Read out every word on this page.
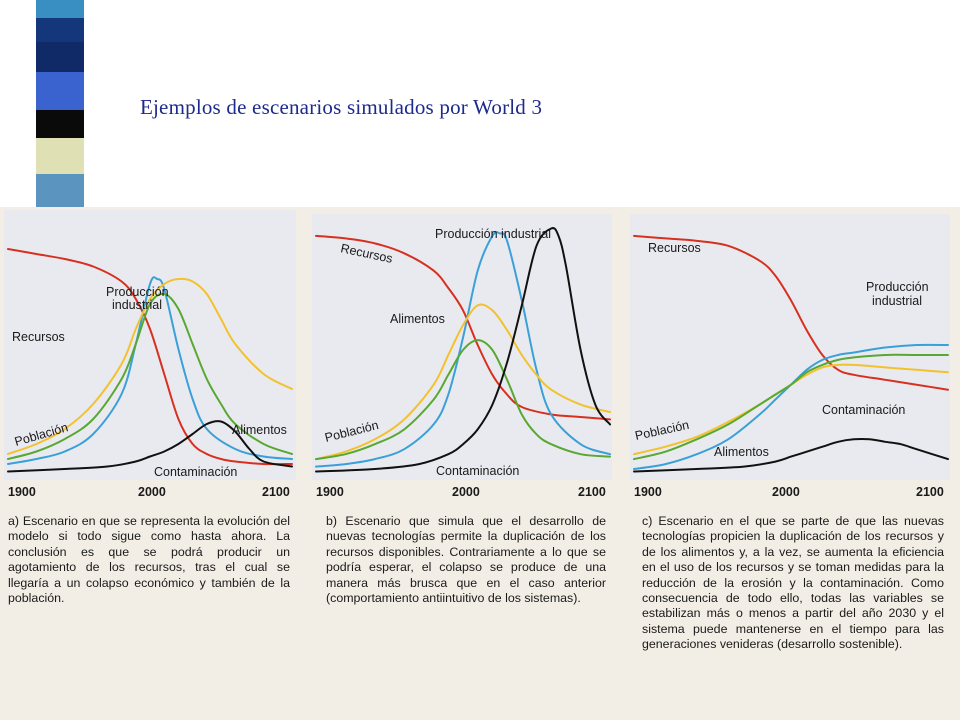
Ejemplos de escenarios simulados por World 3
Recursos
Producción
industrial
Alimentos
Población
Contaminación
1900	2000	2100
Recursos
Producción industrial
Alimentos
Población
Contaminación
1900	2000	2100
Recursos
Producción
industrial
Contaminación
Población
Alimentos
1900	2000	2100
a) Escenario en que se representa la evolución del modelo si todo sigue como hasta ahora. La conclusión es que se podrá producir un agotamiento de los recursos, tras el cual se llegaría a un colapso económico y también de la población.
b) Escenario que simula que el desarrollo de nuevas tecnologías permite la duplicación de los recursos disponibles. Contrariamente a lo que se podría esperar, el colapso se produce de una manera más brusca que en el caso anterior (comportamiento antiintuitivo de los sistemas).
c) Escenario en el que se parte de que las nuevas tecnologías propicien la duplicación de los recursos y de los alimentos y, a la vez, se aumenta la eficiencia en el uso de los recursos y se toman medidas para la reducción de la erosión y la contaminación. Como consecuencia de todo ello, todas las variables se estabilizan más o menos a partir del año 2030 y el sistema puede mantenerse en el tiempo para las generaciones venideras (desarrollo sostenible).
